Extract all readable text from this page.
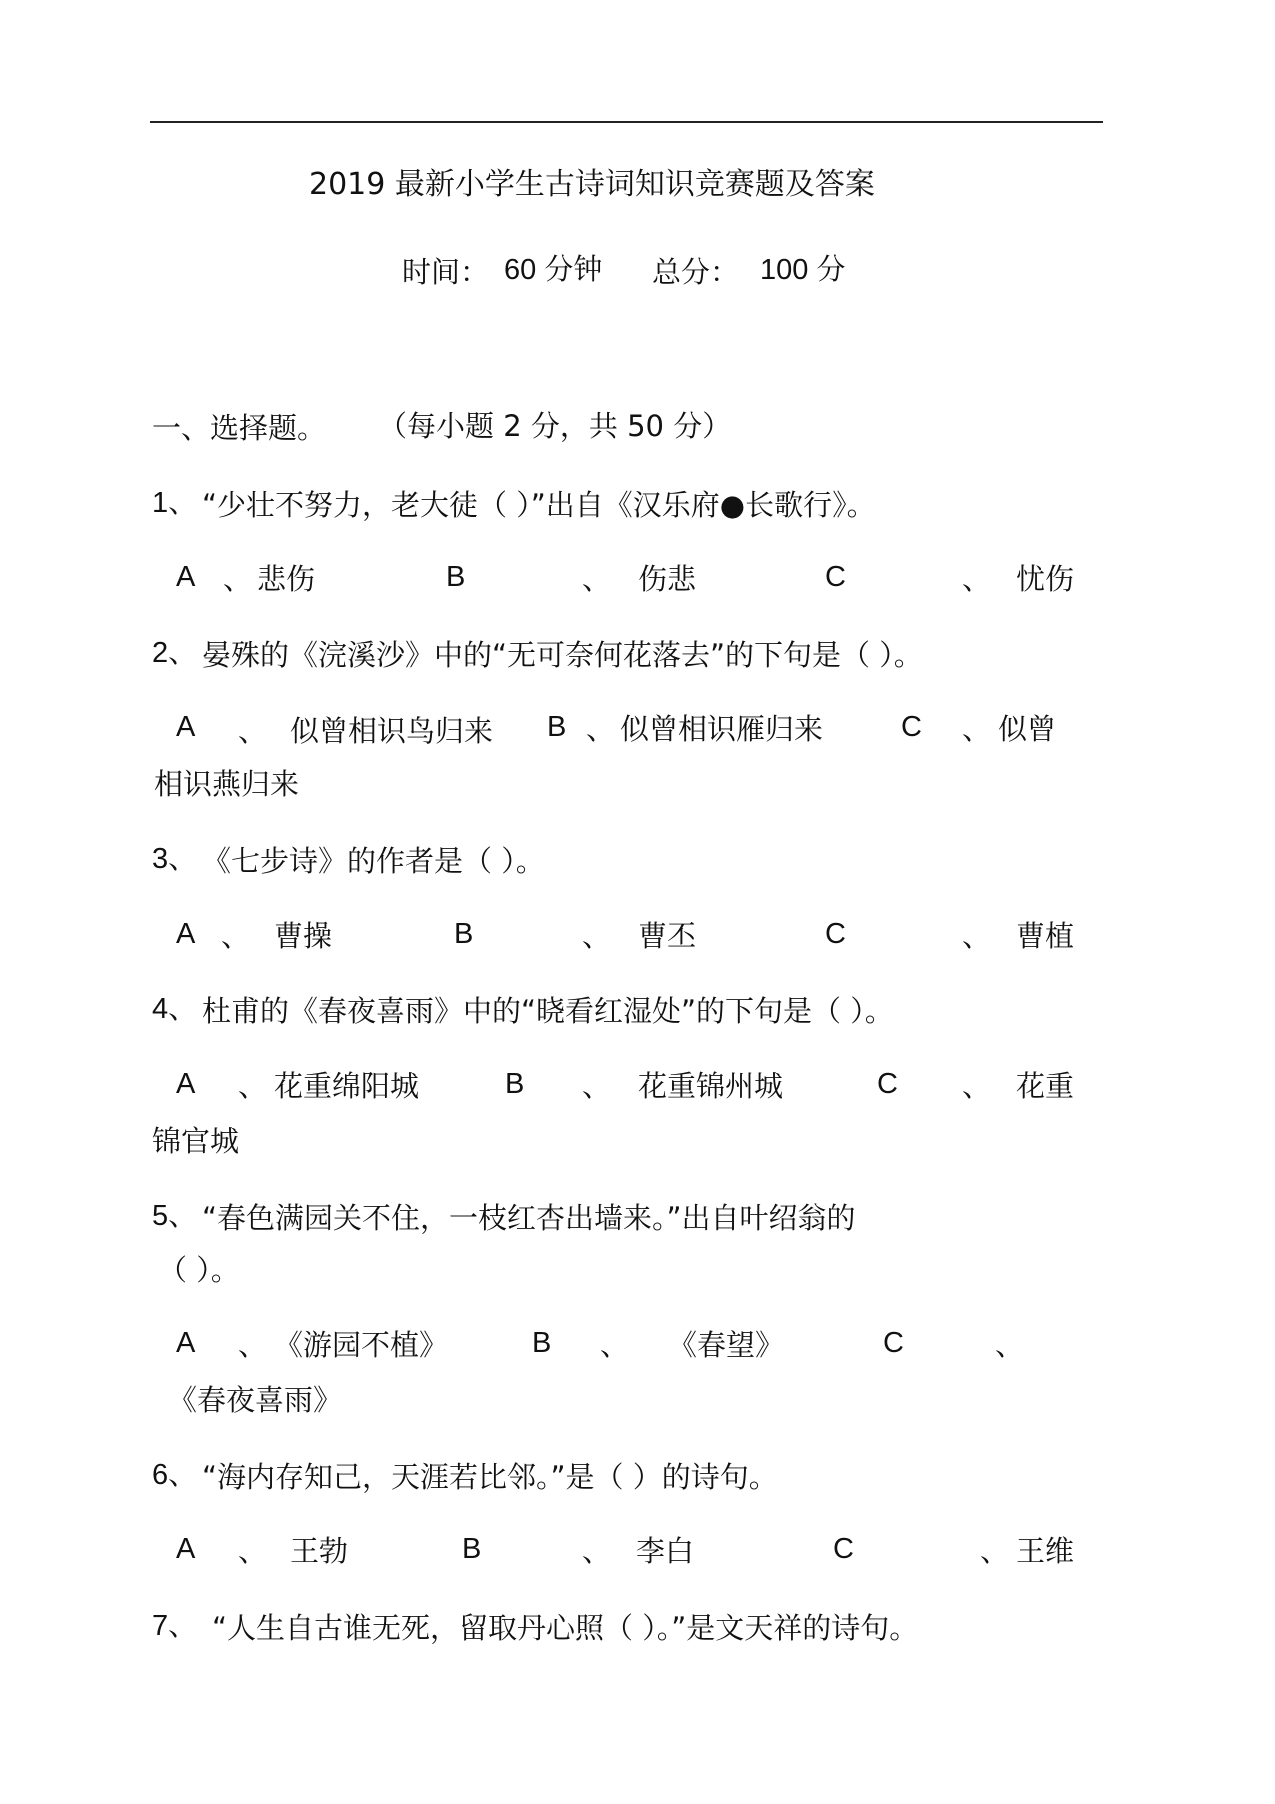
2019 最新小学生古诗词知识竞赛题及答案
时间： 60 分钟 总分： 100 分
一、选择题。 （每小题 2 分，共 50 分）
1、 “少壮不努力，老大徒（ ）”出自《汉乐府●长歌行》。
A 、 悲伤	B	、 伤悲	C	、 忧伤
2、 晏殊的《浣溪沙》中的“无可奈何花落去”的下句是（ ）。
A 、 似曾相识鸟归来 B 、 似曾相识雁归来	C 、 似曾
相识燕归来
3、 《七步诗》的作者是（ ）。
A 、 曹操	B	、 曹丕	C	、 曹植
4、 杜甫的《春夜喜雨》中的“晓看红湿处”的下句是（ ）。
A 、 花重绵阳城	B 、 花重锦州城	C 、 花重
锦官城
5、 “春色满园关不住，一枝红杏出墙来。”出自叶绍翁的
（ ）。
A 、 《游园不植》	B 、 《春望》	C	、
《春夜喜雨》
6、 “海内存知己，天涯若比邻。”是（ ）的诗句。
A 、 王勃	B	、 李白	C	、 王维
7、 “人生自古谁无死，留取丹心照（ ）。”是文天祥的诗句。
